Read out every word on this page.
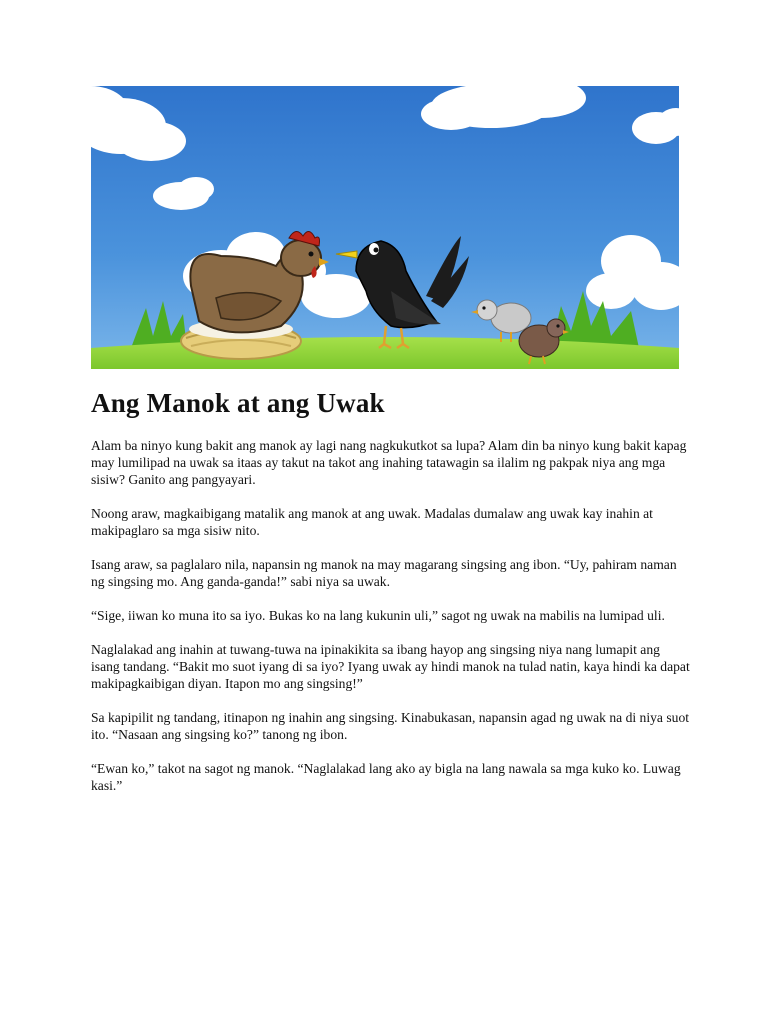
Ang Manok at ang Uwak

Alam ba ninyo kung bakit ang manok ay lagi nang nagkukutkot sa lupa? Alam din ba ninyo kung bakit kapag may lumilipad na uwak sa itaas ay takut na takot ang inahing tatawagin sa ilalim ng pakpak niya ang mga sisiw? Ganito ang pangyayari.

Noong araw, magkaibigang matalik ang manok at ang uwak. Madalas dumalaw ang uwak kay inahin at makipaglaro sa mga sisiw nito.

Isang araw, sa paglalaro nila, napansin ng manok na may magarang singsing ang ibon. “Uy, pahiram naman ng singsing mo. Ang ganda-ganda!” sabi niya sa uwak.

“Sige, iiwan ko muna ito sa iyo. Bukas ko na lang kukunin uli,” sagot ng uwak na mabilis na lumipad uli.

Naglalakad ang inahin at tuwang-tuwa na ipinakikita sa ibang hayop ang singsing niya nang lumapit ang isang tandang. “Bakit mo suot iyang di sa iyo? Iyang uwak ay hindi manok na tulad natin, kaya hindi ka dapat makipagkaibigan diyan. Itapon mo ang singsing!”

Sa kapipilit ng tandang, itinapon ng inahin ang singsing. Kinabukasan, napansin agad ng uwak na di niya suot ito. “Nasaan ang singsing ko?” tanong ng ibon.

“Ewan ko,” takot na sagot ng manok. “Naglalakad lang ako ay bigla na lang nawala sa mga kuko ko. Luwag kasi.”
